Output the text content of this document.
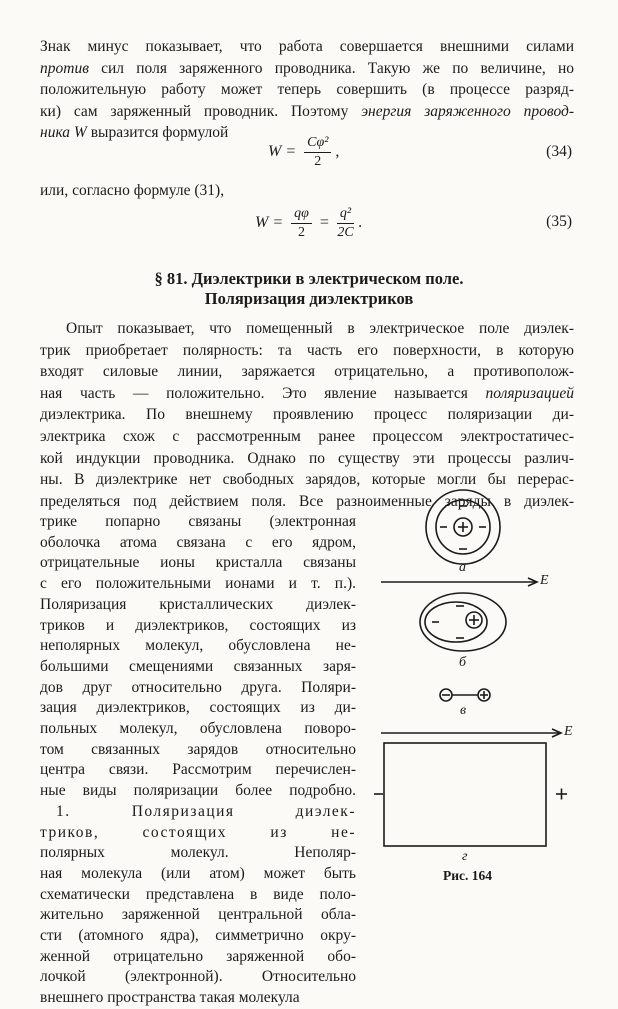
Знак минус показывает, что работа совершается внешними силами
против сил поля заряженного проводника. Такую же по величине, но
положительную работу может теперь совершить (в процессе разряд-
ки) сам заряженный проводник. Поэтому энергия заряженного провод-
ника W выразится формулой
$W = \frac{\text{Cφ²}}{2}$ ,	(34)
или, согласно формуле (31),
$W = \frac{q\varphi}{2} = \frac{\text{q²}}{2C}$ .	(35)
§ 81. Диэлектрики в электрическом поле.
Поляризация диэлектриков
Опыт показывает, что помещенный в электрическое поле диэлек-
трик приобретает полярность: та часть его поверхности, в которую
входят силовые линии, заряжается отрицательно, а противополож-
ная часть — положительно. Это явление называется поляризацией
диэлектрика. По внешнему проявлению процесс поляризации ди-
электрика схож с рассмотренным ранее процессом электростатичес-
кой индукции проводника. Однако по существу эти процессы различ-
ны. В диэлектрике нет свободных зарядов, которые могли бы перерас-
пределяться под действием поля. Все разноименные заряды в диэлек-
трике попарно связаны (электронная
оболочка атома связана с его ядром,
отрицательные ионы кристалла связаны
с его положительными ионами и т. п.).
Поляризация кристаллических диэлек-
триков и диэлектриков, состоящих из
неполярных молекул, обусловлена не-
большими смещениями связанных заря-
дов друг относительно друга. Поляри-
зация диэлектриков, состоящих из ди-
польных молекул, обусловлена поворо-
том связанных зарядов относительно
центра связи. Рассмотрим перечислен-
ные виды поляризации более подробно.
1. Поляризация диэлек-
триков, состоящих из не-
полярных молекул. Неполяр-
ная молекула (или атом) может быть
схематически представлена в виде поло-
жительно заряженной центральной обла-
сти (атомного ядра), симметрично окру-
женной отрицательно заряженной обо-
лочкой (электронной). Относительно
внешнего пространства такая молекула
а
E
б
в
E
г
Рис. 164
